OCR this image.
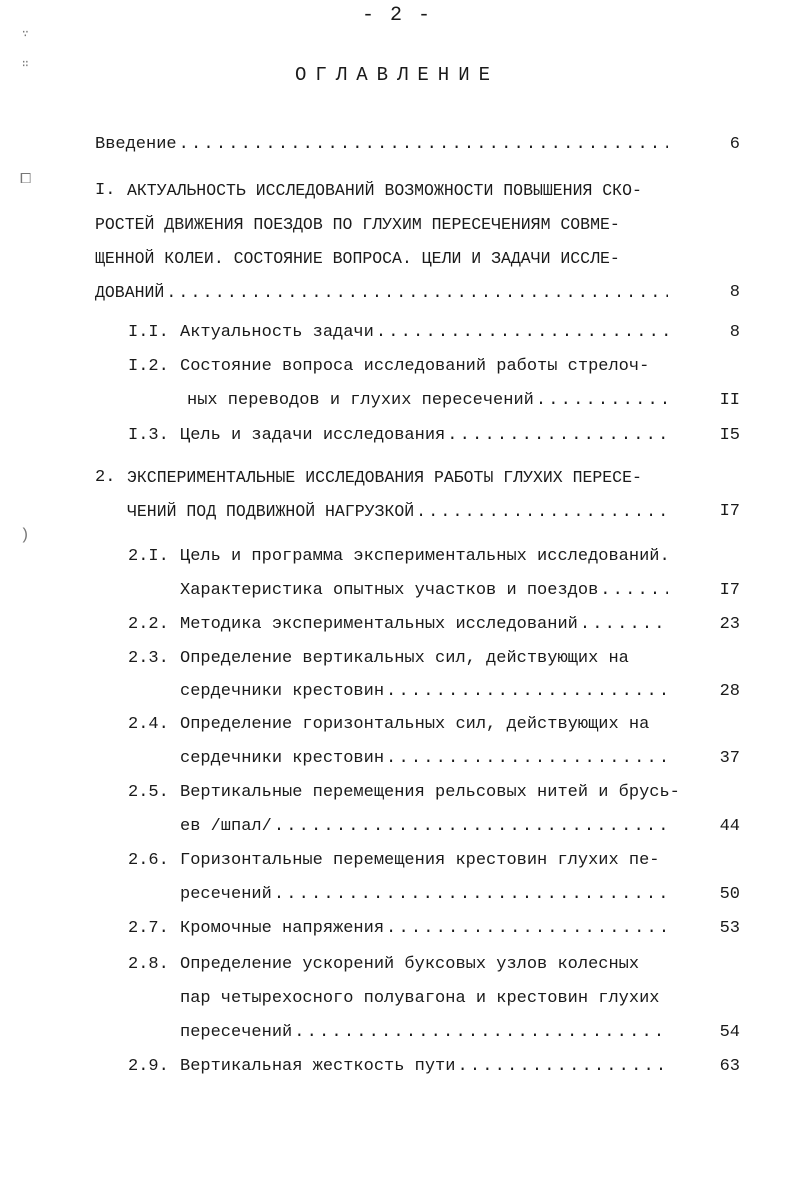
- 2 -
ОГЛАВЛЕНИЕ
∵
∷
⧠
)
Введение .....	6
I. АКТУАЛЬНОСТЬ ИССЛЕДОВАНИЙ ВОЗМОЖНОСТИ ПОВЫШЕНИЯ СКО-
РОСТЕЙ ДВИЖЕНИЯ ПОЕЗДОВ ПО ГЛУХИМ ПЕРЕСЕЧЕНИЯМ СОВМЕ-
ЩЕННОЙ КОЛЕИ. СОСТОЯНИЕ ВОПРОСА. ЦЕЛИ И ЗАДАЧИ ИССЛЕ-
ДОВАНИЙ .....	8
I.I. Актуальность задачи .....	8
I.2. Состояние вопроса исследований работы стрелоч-
ных переводов и глухих пересечений .....	II
I.3. Цель и задачи исследования .....	I5
2. ЭКСПЕРИМЕНТАЛЬНЫЕ ИССЛЕДОВАНИЯ РАБОТЫ ГЛУХИХ ПЕРЕСЕ-
ЧЕНИЙ ПОД ПОДВИЖНОЙ НАГРУЗКОЙ .....	I7
2.I. Цель и программа экспериментальных исследований.
Характеристика опытных участков и поездов .....	I7
2.2. Методика экспериментальных исследований .....	23
2.3. Определение вертикальных сил, действующих на
сердечники крестовин .....	28
2.4. Определение горизонтальных сил, действующих на
сердечники крестовин .....	37
2.5. Вертикальные перемещения рельсовых нитей и брусь-
ев /шпал/ .....	44
2.6. Горизонтальные перемещения крестовин глухих пе-
ресечений .....	50
2.7. Кромочные напряжения .....	53
2.8. Определение ускорений буксовых узлов колесных
пар четырехосного полувагона и крестовин глухих
пересечений .....	54
2.9. Вертикальная жесткость пути .....	63
